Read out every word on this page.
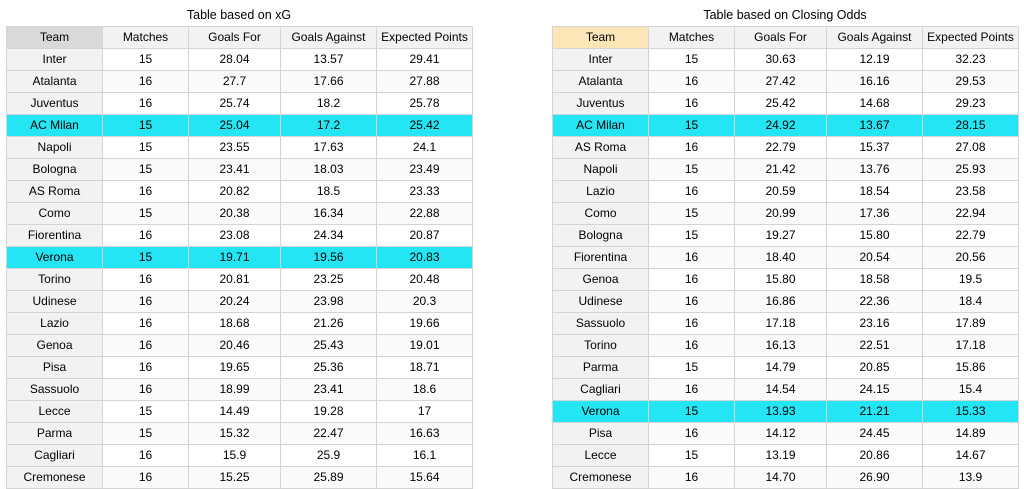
Table based on xG
Team	Matches	Goals For	Goals Against	Expected Points
Inter	15	28.04	13.57	29.41
Atalanta	16	27.7	17.66	27.88
Juventus	16	25.74	18.2	25.78
AC Milan	15	25.04	17.2	25.42
Napoli	15	23.55	17.63	24.1
Bologna	15	23.41	18.03	23.49
AS Roma	16	20.82	18.5	23.33
Como	15	20.38	16.34	22.88
Fiorentina	16	23.08	24.34	20.87
Verona	15	19.71	19.56	20.83
Torino	16	20.81	23.25	20.48
Udinese	16	20.24	23.98	20.3
Lazio	16	18.68	21.26	19.66
Genoa	16	20.46	25.43	19.01
Pisa	16	19.65	25.36	18.71
Sassuolo	16	18.99	23.41	18.6
Lecce	15	14.49	19.28	17
Parma	15	15.32	22.47	16.63
Cagliari	16	15.9	25.9	16.1
Cremonese	16	15.25	25.89	15.64
Table based on Closing Odds
Team	Matches	Goals For	Goals Against	Expected Points
Inter	15	30.63	12.19	32.23
Atalanta	16	27.42	16.16	29.53
Juventus	16	25.42	14.68	29.23
AC Milan	15	24.92	13.67	28.15
AS Roma	16	22.79	15.37	27.08
Napoli	15	21.42	13.76	25.93
Lazio	16	20.59	18.54	23.58
Como	15	20.99	17.36	22.94
Bologna	15	19.27	15.80	22.79
Fiorentina	16	18.40	20.54	20.56
Genoa	16	15.80	18.58	19.5
Udinese	16	16.86	22.36	18.4
Sassuolo	16	17.18	23.16	17.89
Torino	16	16.13	22.51	17.18
Parma	15	14.79	20.85	15.86
Cagliari	16	14.54	24.15	15.4
Verona	15	13.93	21.21	15.33
Pisa	16	14.12	24.45	14.89
Lecce	15	13.19	20.86	14.67
Cremonese	16	14.70	26.90	13.9
